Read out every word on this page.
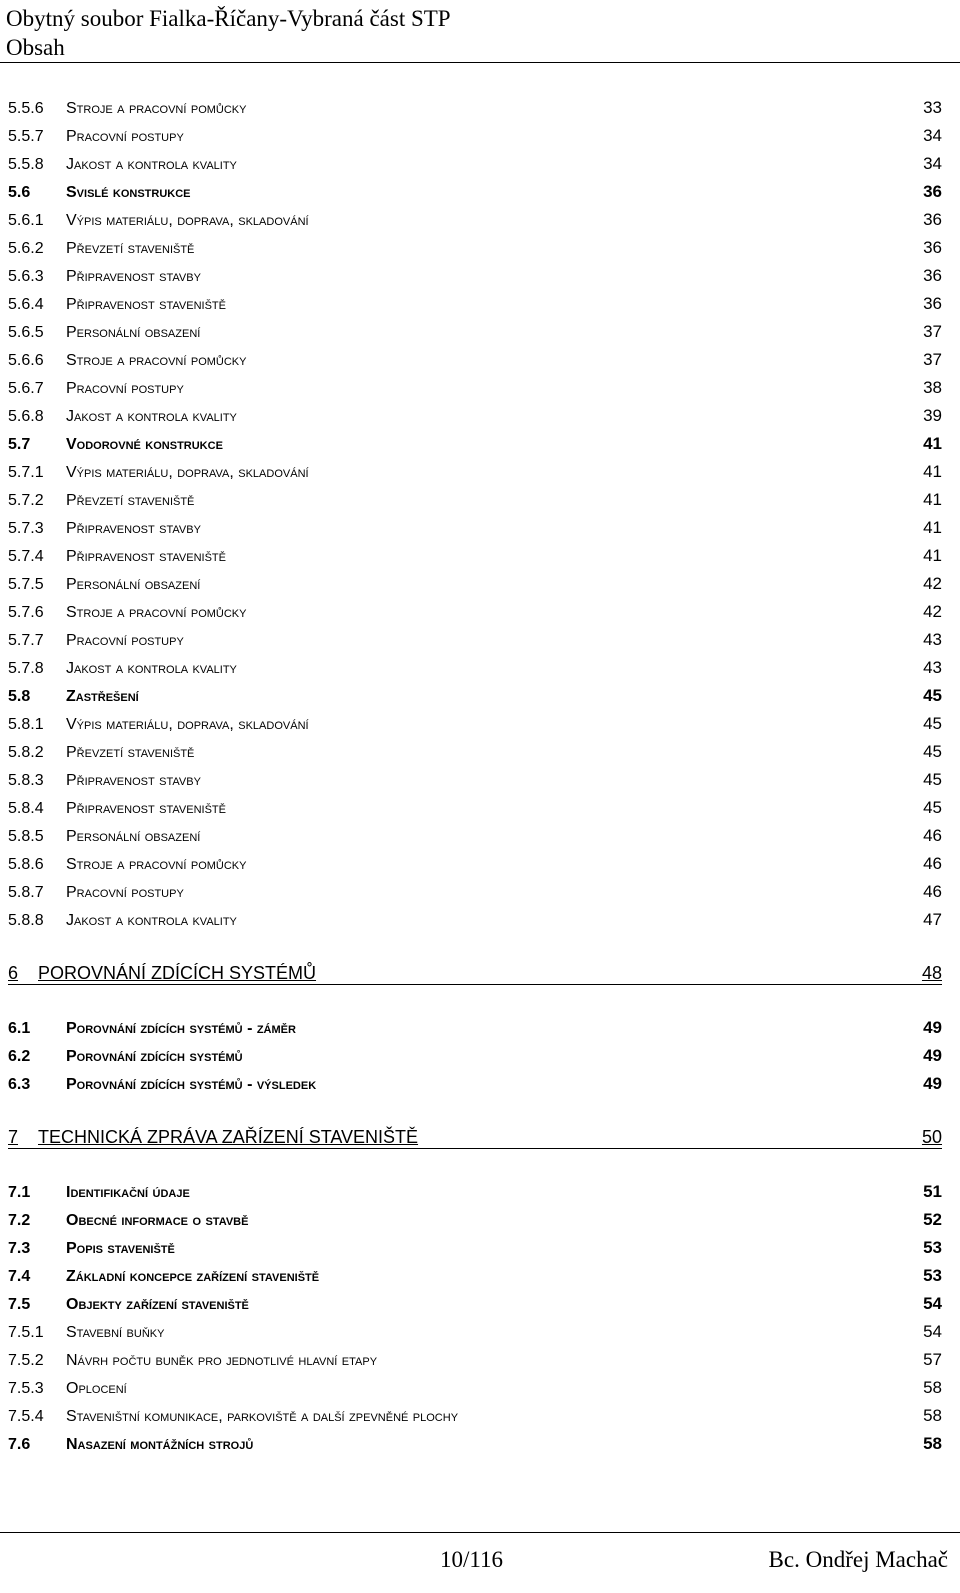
Obytný soubor Fialka-Říčany-Vybraná část STP
Obsah
5.5.6	Stroje a pracovní pomůcky	33
5.5.7	Pracovní postupy	34
5.5.8	Jakost a kontrola kvality	34
5.6	Svislé konstrukce	36
5.6.1	Výpis materiálu, doprava, skladování	36
5.6.2	Převzetí staveniště	36
5.6.3	Připravenost stavby	36
5.6.4	Připravenost staveniště	36
5.6.5	Personální obsazení	37
5.6.6	Stroje a pracovní pomůcky	37
5.6.7	Pracovní postupy	38
5.6.8	Jakost a kontrola kvality	39
5.7	Vodorovné konstrukce	41
5.7.1	Výpis materiálu, doprava, skladování	41
5.7.2	Převzetí staveniště	41
5.7.3	Připravenost stavby	41
5.7.4	Připravenost staveniště	41
5.7.5	Personální obsazení	42
5.7.6	Stroje a pracovní pomůcky	42
5.7.7	Pracovní postupy	43
5.7.8	Jakost a kontrola kvality	43
5.8	Zastřešení	45
5.8.1	Výpis materiálu, doprava, skladování	45
5.8.2	Převzetí staveniště	45
5.8.3	Připravenost stavby	45
5.8.4	Připravenost staveniště	45
5.8.5	Personální obsazení	46
5.8.6	Stroje a pracovní pomůcky	46
5.8.7	Pracovní postupy	46
5.8.8	Jakost a kontrola kvality	47
6	POROVNÁNÍ ZDÍCÍCH SYSTÉMŮ	48
6.1	Porovnání zdících systémů - záměr	49
6.2	Porovnání zdících systémů	49
6.3	Porovnání zdících systémů - výsledek	49
7	TECHNICKÁ ZPRÁVA ZAŘÍZENÍ STAVENIŠTĚ	50
7.1	Identifikační údaje	51
7.2	Obecné informace o stavbě	52
7.3	Popis staveniště	53
7.4	Základní koncepce zařízení staveniště	53
7.5	Objekty zařízení staveniště	54
7.5.1	Stavební buňky	54
7.5.2	Návrh počtu buněk pro jednotlivé hlavní etapy	57
7.5.3	Oplocení	58
7.5.4	Staveništní komunikace, parkoviště a další zpevněné plochy	58
7.6	Nasazení montážních strojů	58
10/116	Bc. Ondřej Machač
